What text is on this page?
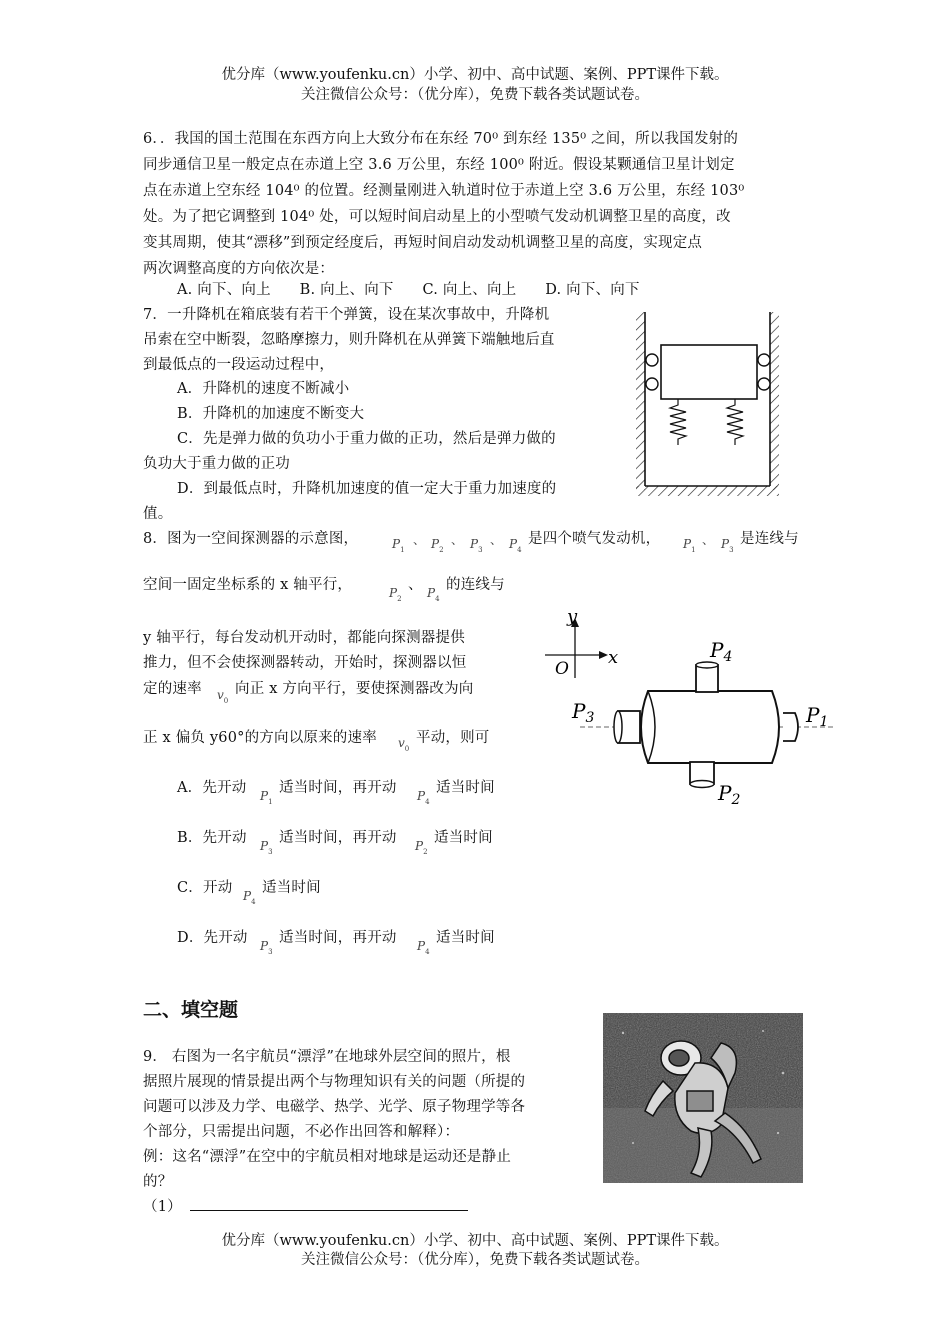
优分库（www.youfenku.cn）小学、初中、高中试题、案例、PPT课件下载。
关注微信公众号：（优分库），免费下载各类试题试卷。
6．．我国的国土范围在东西方向上大致分布在东经 70⁰ 到东经 135⁰ 之间，所以我国发射的
同步通信卫星一般定点在赤道上空 3.6 万公里，东经 100⁰ 附近。假设某颗通信卫星计划定
点在赤道上空东经 104⁰ 的位置。经测量刚进入轨道时位于赤道上空 3.6 万公里，东经 103⁰
处。为了把它调整到 104⁰ 处，可以短时间启动星上的小型喷气发动机调整卫星的高度，改
变其周期，使其“漂移”到预定经度后，再短时间启动发动机调整卫星的高度，实现定点
两次调整高度的方向依次是：
A. 向下、向上      B. 向上、向下      C. 向上、向上      D. 向下、向下
7．一升降机在箱底装有若干个弹簧，设在某次事故中，升降机
吊索在空中断裂，忽略摩擦力，则升降机在从弹簧下端触地后直
到最低点的一段运动过程中，
A．升降机的速度不断减小
B．升降机的加速度不断变大
C．先是弹力做的负功小于重力做的正功，然后是弹力做的
负功大于重力做的正功
D．到最低点时，升降机加速度的值一定大于重力加速度的
值。
8．图为一空间探测器的示意图，	$P_1$
、 $P_2$
、 $P_3$
、 $P_4$
是四个喷气发动机， $P_1$
、 $P_3$
是连线与
空间一固定坐标系的 x 轴平行，	$P_2$
、 $P_4$
的连线与
y 轴平行，每台发动机开动时，都能向探测器提供
推力，但不会使探测器转动，开始时，探测器以恒
定的速率 $v_0$
向正 x 方向平行，要使探测器改为向
正 x 偏负 y60°的方向以原来的速率 $v_0$
平动，则可
A．先开动 $P_1$
适当时间，再开动 $P_4$
适当时间
B．先开动 $P_3$
适当时间，再开动 $P_2$
适当时间
C．开动 $P_4$
适当时间
D．先开动 $P_3$
适当时间，再开动 $P_4$
适当时间
y
x
O
$P_4$
$P_3$	$P_1$
$P_2$
二、填空题
9． 右图为一名宇航员“漂浮”在地球外层空间的照片，根
据照片展现的情景提出两个与物理知识有关的问题（所提的
问题可以涉及力学、电磁学、热学、光学、原子物理学等各
个部分，只需提出问题，不必作出回答和解释）：
例：这名“漂浮”在空中的宇航员相对地球是运动还是静止
的？
（1）
优分库（www.youfenku.cn）小学、初中、高中试题、案例、PPT课件下载。
关注微信公众号：（优分库），免费下载各类试题试卷。
